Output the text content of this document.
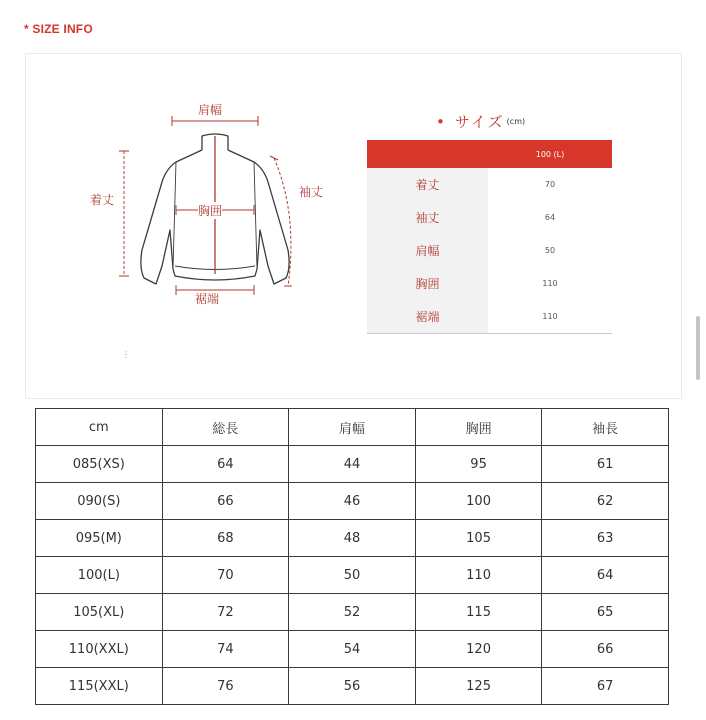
* SIZE INFO
肩幅
着丈
袖丈
胸囲
裾端
⋮
• サイズ $^{(cm)}$
	100 (L)
着丈	70
袖丈	64
肩幅	50
胸囲	110
裾端	110
cm	総長	肩幅	胸囲	袖長
085(XS)	64	44	95	61
090(S)	66	46	100	62
095(M)	68	48	105	63
100(L)	70	50	110	64
105(XL)	72	52	115	65
110(XXL)	74	54	120	66
115(XXL)	76	56	125	67
